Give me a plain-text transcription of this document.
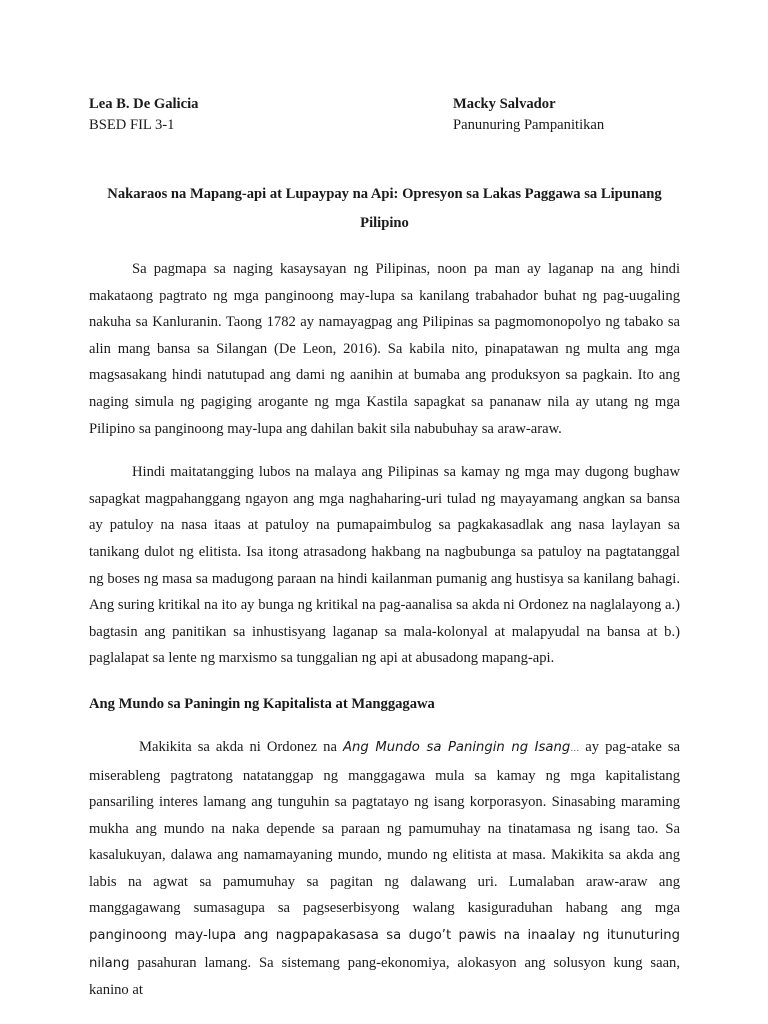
Lea B. De Galicia
BSED FIL 3-1
Macky Salvador
Panunuring Pampanitikan
Nakaraos na Mapang-api at Lupaypay na Api: Opresyon sa Lakas Paggawa sa Lipunang Pilipino

Sa pagmapa sa naging kasaysayan ng Pilipinas, noon pa man ay laganap na ang hindi makataong pagtrato ng mga panginoong may-lupa sa kanilang trabahador buhat ng pag-uugaling nakuha sa Kanluranin. Taong 1782 ay namayagpag ang Pilipinas sa pagmomonopolyo ng tabako sa alin mang bansa sa Silangan (De Leon, 2016). Sa kabila nito, pinapatawan ng multa ang mga magsasakang hindi natutupad ang dami ng aanihin at bumaba ang produksyon sa pagkain. Ito ang naging simula ng pagiging arogante ng mga Kastila sapagkat sa pananaw nila ay utang ng mga Pilipino sa panginoong may-lupa ang dahilan bakit sila nabubuhay sa araw-araw.

Hindi maitatangging lubos na malaya ang Pilipinas sa kamay ng mga may dugong bughaw sapagkat magpahanggang ngayon ang mga naghaharing-uri tulad ng mayayamang angkan sa bansa ay patuloy na nasa itaas at patuloy na pumapaimbulog sa pagkakasadlak ang nasa laylayan sa tanikang dulot ng elitista. Isa itong atrasadong hakbang na nagbubunga sa patuloy na pagtatanggal ng boses ng masa sa madugong paraan na hindi kailanman pumanig ang hustisya sa kanilang bahagi. Ang suring kritikal na ito ay bunga ng kritikal na pag-aanalisa sa akda ni Ordonez na naglalayong a.) bagtasin ang panitikan sa inhustisyang laganap sa mala-kolonyal at malapyudal na bansa at b.) paglalapat sa lente ng marxismo sa tunggalian ng api at abusadong mapang-api.

Ang Mundo sa Paningin ng Kapitalista at Manggagawa

Makikita sa akda ni Ordonez na Ang Mundo sa Paningin ng Isang… ay pag-atake sa miserableng pagtratong natatanggap ng manggagawa mula sa kamay ng mga kapitalistang pansariling interes lamang ang tunguhin sa pagtatayo ng isang korporasyon. Sinasabing maraming mukha ang mundo na naka depende sa paraan ng pamumuhay na tinatamasa ng isang tao. Sa kasalukuyan, dalawa ang namamayaning mundo, mundo ng elitista at masa. Makikita sa akda ang labis na agwat sa pamumuhay sa pagitan ng dalawang uri. Lumalaban araw-araw ang manggagawang sumasagupa sa pagseserbisyong walang kasiguraduhan habang ang mga panginoong may-lupa ang nagpapakasasa sa dugo’t pawis na inaalay ng itunuturing nilang pasahuran lamang. Sa sistemang pang-ekonomiya, alokasyon ang solusyon kung saan, kanino at
